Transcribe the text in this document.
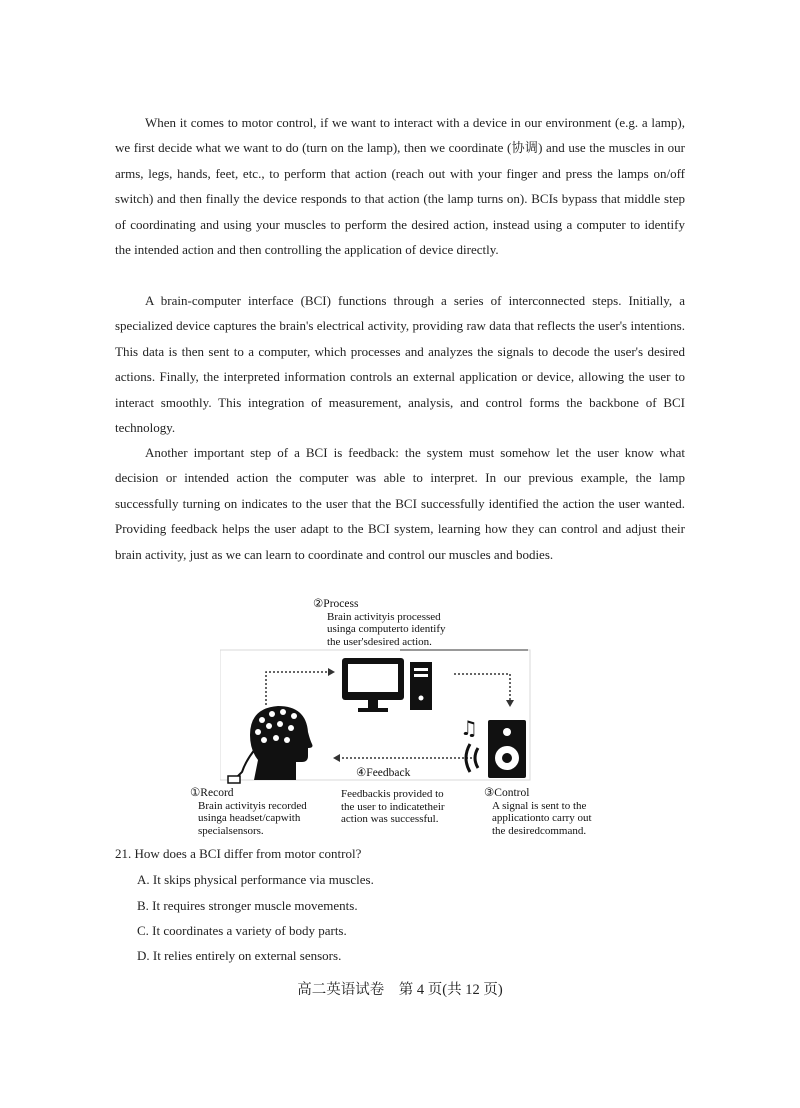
When it comes to motor control, if we want to interact with a device in our environment (e.g. a lamp), we first decide what we want to do (turn on the lamp), then we coordinate (协调) and use the muscles in our arms, legs, hands, feet, etc., to perform that action (reach out with your finger and press the lamps on/off switch) and then finally the device responds to that action (the lamp turns on). BCIs bypass that middle step of coordinating and using your muscles to perform the desired action, instead using a computer to identify the intended action and then controlling the application of device directly.

A brain-computer interface (BCI) functions through a series of interconnected steps. Initially, a specialized device captures the brain's electrical activity, providing raw data that reflects the user's intentions. This data is then sent to a computer, which processes and analyzes the signals to decode the user's desired actions. Finally, the interpreted information controls an external application or device, allowing the user to interact smoothly. This integration of measurement, analysis, and control forms the backbone of BCI technology.

Another important step of a BCI is feedback: the system must somehow let the user know what decision or intended action the computer was able to interpret. In our previous example, the lamp successfully turning on indicates to the user that the BCI successfully identified the action the user wanted. Providing feedback helps the user adapt to the BCI system, learning how they can control and adjust their brain activity, just as we can learn to coordinate and control our muscles and bodies.

②Process
Brain activityis processed
usinga computerto identify
the user'sdesired action.
④Feedback
①Record
Brain activityis recorded
usinga headset/capwith
specialsensors.
Feedbackis provided to
the user to indicatetheir
action was successful.
③Control
A signal is sent to the
applicationto carry out
the desiredcommand.
♫
21. How does a BCI differ from motor control?
A. It skips physical performance via muscles.
B. It requires stronger muscle movements.
C. It coordinates a variety of body parts.
D. It relies entirely on external sensors.
高二英语试卷　第 4 页(共 12 页)
